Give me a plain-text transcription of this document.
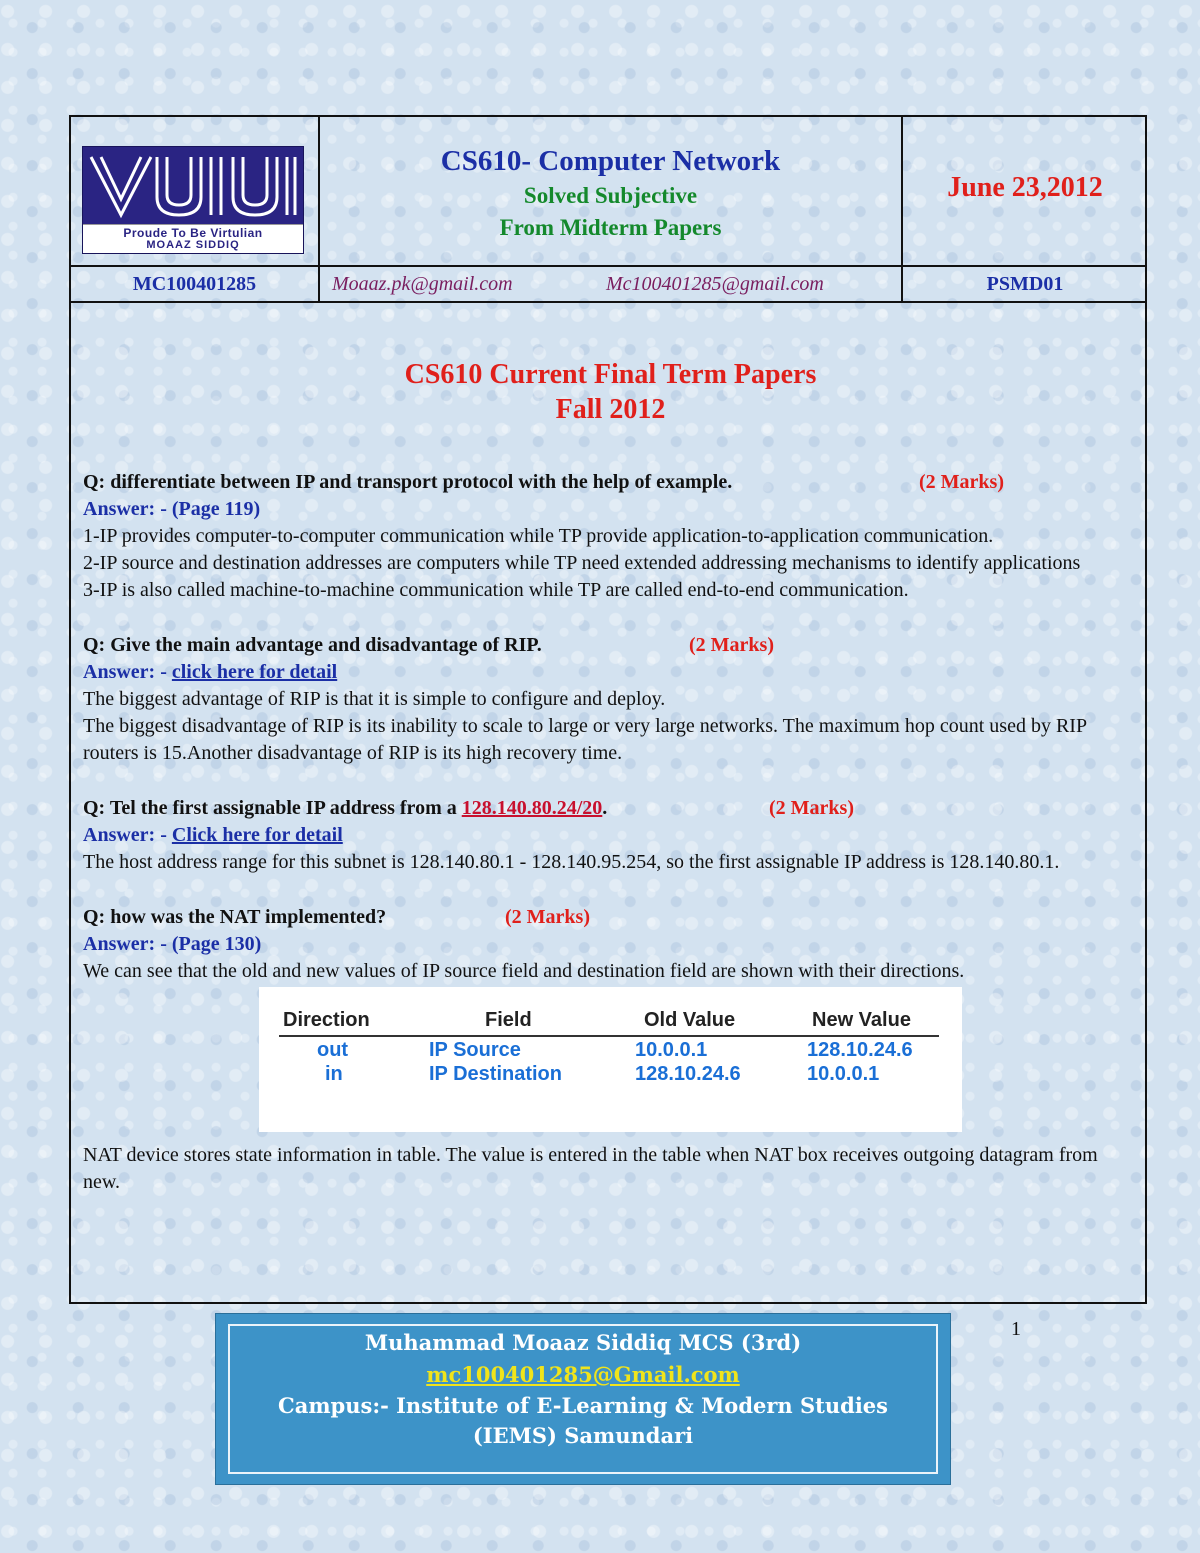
Proude To Be Virtulian
MOAAZ SIDDIQ
CS610- Computer Network
Solved Subjective
From Midterm Papers
June 23,2012
MC100401285	Moaaz.pk@gmail.com	Mc100401285@gmail.com	PSMD01
CS610 Current Final Term Papers
Fall 2012
Q: differentiate between IP and transport protocol with the help of example.	(2 Marks)
Answer: - (Page 119)
1-IP provides computer-to-computer communication while TP provide application-to-application communication.
2-IP source and destination addresses are computers while TP need extended addressing mechanisms to identify applications
3-IP is also called machine-to-machine communication while TP are called end-to-end communication.
Q: Give the main advantage and disadvantage of RIP.	(2 Marks)
Answer: - click here for detail
The biggest advantage of RIP is that it is simple to configure and deploy.
The biggest disadvantage of RIP is its inability to scale to large or very large networks. The maximum hop count used by RIP routers is 15.Another disadvantage of RIP is its high recovery time.
Q: Tel the first assignable IP address from a 128.140.80.24/20.	(2 Marks)
Answer: - Click here for detail
The host address range for this subnet is 128.140.80.1 - 128.140.95.254, so the first assignable IP address is 128.140.80.1.
Q: how was the NAT implemented?	(2 Marks)
Answer: - (Page 130)
We can see that the old and new values of IP source field and destination field are shown with their directions.
Direction	Field	Old Value	New Value
out	IP Source	10.0.0.1	128.10.24.6
in	IP Destination	128.10.24.6	10.0.0.1
NAT device stores state information in table. The value is entered in the table when NAT box receives outgoing datagram from new.
Muhammad Moaaz Siddiq MCS (3rd)
mc100401285@Gmail.com
Campus:- Institute of E-Learning & Modern Studies
(IEMS) Samundari
1
